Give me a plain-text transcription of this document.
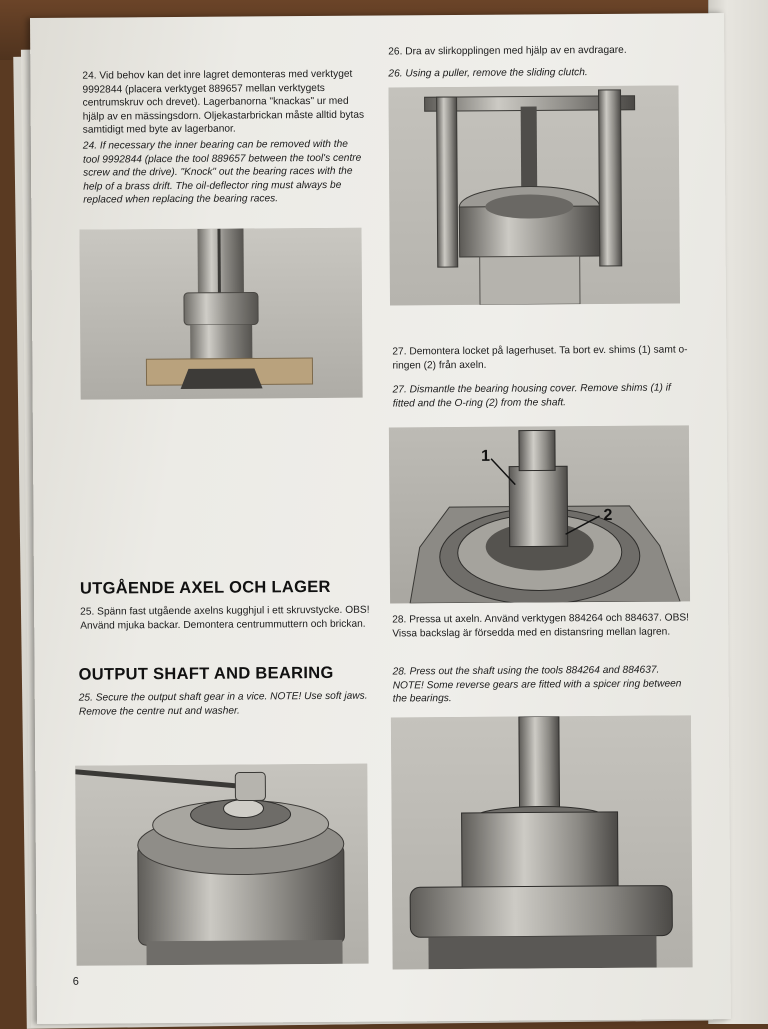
24. Vid behov kan det inre lagret demonteras med verktyget 9992844 (placera verktyget 889657 mellan verktygets centrumskruv och drevet). Lagerbanorna "knackas" ur med hjälp av en mässingsdorn. Oljekastarbrickan måste alltid bytas samtidigt med byte av lagerbanor.
24. If necessary the inner bearing can be removed with the tool 9992844 (place the tool 889657 between the tool's centre screw and the drive). "Knock" out the bearing races with the help of a brass drift. The oil-deflector ring must always be replaced when replacing the bearing races.
UTGÅENDE AXEL OCH LAGER
25. Spänn fast utgående axelns kugghjul i ett skruvstycke. OBS! Använd mjuka backar. Demontera centrummuttern och brickan.
OUTPUT SHAFT AND BEARING
25. Secure the output shaft gear in a vice. NOTE! Use soft jaws. Remove the centre nut and washer.
6
26. Dra av slirkopplingen med hjälp av en avdragare.
26. Using a puller, remove the sliding clutch.
27. Demontera locket på lagerhuset. Ta bort ev. shims (1) samt o-ringen (2) från axeln.
27. Dismantle the bearing housing cover. Remove shims (1) if fitted and the O-ring (2) from the shaft.
1
2
28. Pressa ut axeln. Använd verktygen 884264 och 884637. OBS! Vissa backslag är försedda med en distansring mellan lagren.
28. Press out the shaft using the tools 884264 and 884637. NOTE! Some reverse gears are fitted with a spicer ring between the bearings.
